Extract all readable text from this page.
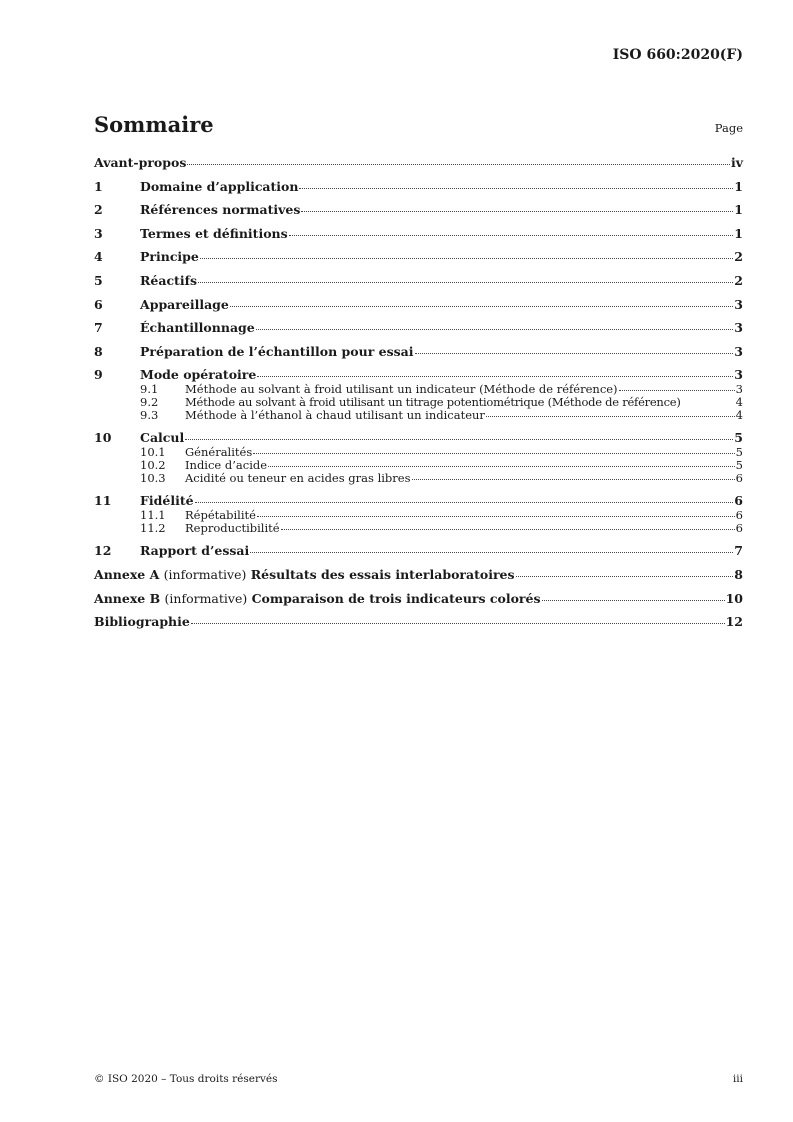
ISO 660:2020(F)
Sommaire	Page
Avant-propos	iv
1	Domaine d’application	1
2	Références normatives	1
3	Termes et définitions	1
4	Principe	2
5	Réactifs	2
6	Appareillage	3
7	Échantillonnage	3
8	Préparation de l’échantillon pour essai	3
9	Mode opératoire	3
9.1	Méthode au solvant à froid utilisant un indicateur (Méthode de référence)	3
9.2	Méthode au solvant à froid utilisant un titrage potentiométrique (Méthode de référence)	4
9.3	Méthode à l’éthanol à chaud utilisant un indicateur	4
10	Calcul	5
10.1	Généralités	5
10.2	Indice d’acide	5
10.3	Acidité ou teneur en acides gras libres	6
11	Fidélité	6
11.1	Répétabilité	6
11.2	Reproductibilité	6
12	Rapport d’essai	7
Annexe A (informative) Résultats des essais interlaboratoires	8
Annexe B (informative) Comparaison de trois indicateurs colorés	10
Bibliographie	12
© ISO 2020 – Tous droits réservés	iii
